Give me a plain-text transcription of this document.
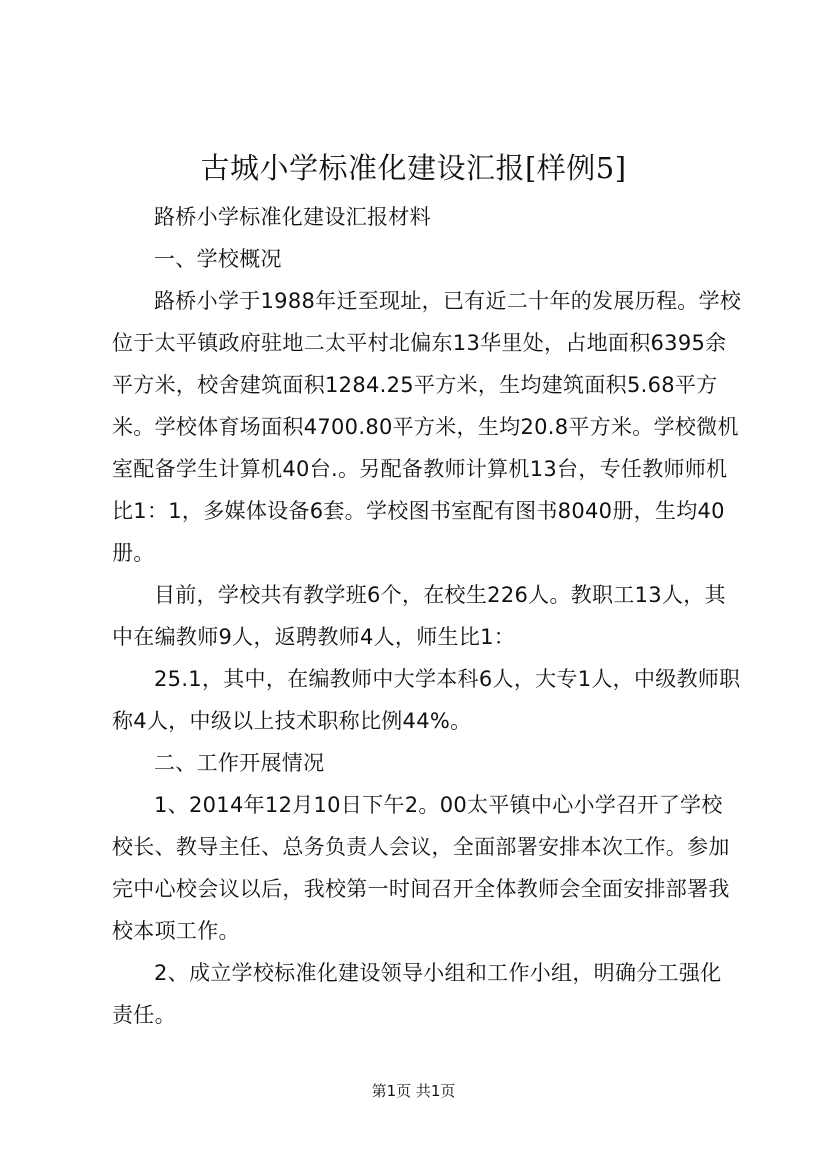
古城小学标准化建设汇报[样例5]

路桥小学标准化建设汇报材料

一、学校概况

路桥小学于1988年迁至现址，已有近二十年的发展历程。学校位于太平镇政府驻地二太平村北偏东13华里处，占地面积6395余平方米，校舍建筑面积1284.25平方米，生均建筑面积5.68平方米。学校体育场面积4700.80平方米，生均20.8平方米。学校微机室配备学生计算机40台.。另配备教师计算机13台，专任教师师机比1：1，多媒体设备6套。学校图书室配有图书8040册，生均40册。

目前，学校共有教学班6个，在校生226人。教职工13人，其中在编教师9人，返聘教师4人，师生比1：

25.1，其中，在编教师中大学本科6人，大专1人，中级教师职称4人，中级以上技术职称比例44%。

二、工作开展情况

1、2014年12月10日下午2。00太平镇中心小学召开了学校校长、教导主任、总务负责人会议，全面部署安排本次工作。参加完中心校会议以后，我校第一时间召开全体教师会全面安排部署我校本项工作。

2、成立学校标准化建设领导小组和工作小组，明确分工强化责任。

第1页 共1页
